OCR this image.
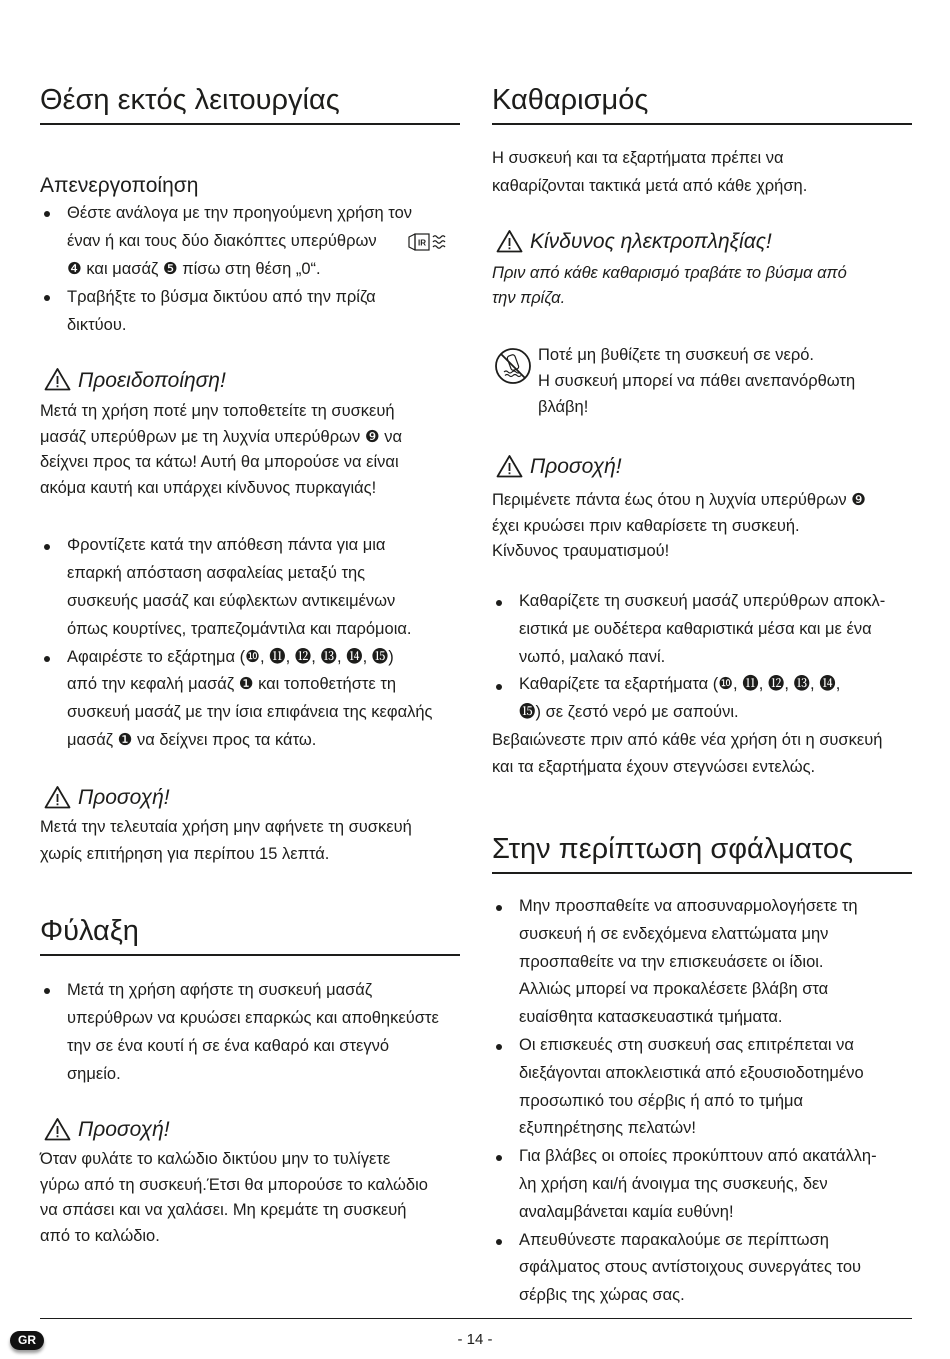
Θέση εκτός λειτουργίας
Απενεργοποίηση
Θέστε ανάλογα με την προηγούμενη χρήση τον
έναν ή και τους δύο διακόπτες υπερύθρων
❹ και μασάζ ❺ πίσω στη θέση „0“.
Τραβήξτε το βύσμα δικτύου από την πρίζα
δικτύου.
IR
Προειδοποίηση!
Μετά τη χρήση ποτέ μην τοποθετείτε τη συσκευή
μασάζ υπερύθρων με τη λυχνία υπερύθρων ❾ να
δείχνει προς τα κάτω! Αυτή θα μπορούσε να είναι
ακόμα καυτή και υπάρχει κίνδυνος πυρκαγιάς!
Φροντίζετε κατά την απόθεση πάντα για μια
επαρκή απόσταση ασφαλείας μεταξύ της
συσκευής μασάζ και εύφλεκτων αντικειμένων
όπως κουρτίνες, τραπεζομάντιλα και παρόμοια.
Αφαιρέστε το εξάρτημα (❿, ⓫, ⓬, ⓭, ⓮, ⓯)
από την κεφαλή μασάζ ❶ και τοποθετήστε τη
συσκευή μασάζ με την ίσια επιφάνεια της κεφαλής
μασάζ ❶ να δείχνει προς τα κάτω.
Προσοχή!
Μετά την τελευταία χρήση μην αφήνετε τη συσκευή
χωρίς επιτήρηση για περίπου 15 λεπτά.
Φύλαξη
Μετά τη χρήση αφήστε τη συσκευή μασάζ
υπερύθρων να κρυώσει επαρκώς και αποθηκεύστε
την σε ένα κουτί ή σε ένα καθαρό και στεγνό
σημείο.
Προσοχή!
Όταν φυλάτε το καλώδιο δικτύου μην το τυλίγετε
γύρω από τη συσκευή.Έτσι θα μπορούσε το καλώδιο
να σπάσει και να χαλάσει. Μη κρεμάτε τη συσκευή
από το καλώδιο.
Καθαρισμός
Η συσκευή και τα εξαρτήματα πρέπει να
καθαρίζονται τακτικά μετά από κάθε χρήση.
Κίνδυνος ηλεκτροπληξίας!
Πριν από κάθε καθαρισμό τραβάτε το βύσμα από
την πρίζα.
Ποτέ μη βυθίζετε τη συσκευή σε νερό.
Η συσκευή μπορεί να πάθει ανεπανόρθωτη
βλάβη!
Προσοχή!
Περιμένετε πάντα έως ότου η λυχνία υπερύθρων ❾
έχει κρυώσει πριν καθαρίσετε τη συσκευή.
Κίνδυνος τραυματισμού!
Καθαρίζετε τη συσκευή μασάζ υπερύθρων αποκλ-
ειστικά με ουδέτερα καθαριστικά μέσα και με ένα
νωπό, μαλακό πανί.
Καθαρίζετε τα εξαρτήματα (❿, ⓫, ⓬, ⓭, ⓮,
⓯) σε ζεστό νερό με σαπούνι.
Βεβαιώνεστε πριν από κάθε νέα χρήση ότι η συσκευή
και τα εξαρτήματα έχουν στεγνώσει εντελώς.
Στην περίπτωση σφάλματος
Μην προσπαθείτε να αποσυναρμολογήσετε τη
συσκευή ή σε ενδεχόμενα ελαττώματα μην
προσπαθείτε να την επισκευάσετε οι ίδιοι.
Αλλιώς μπορεί να προκαλέσετε βλάβη στα
ευαίσθητα κατασκευαστικά τμήματα.
Οι επισκευές στη συσκευή σας επιτρέπεται να
διεξάγονται αποκλειστικά από εξουσιοδοτημένο
προσωπικό του σέρβις ή από το τμήμα
εξυπηρέτησης πελατών!
Για βλάβες οι οποίες προκύπτουν από ακατάλλη-
λη χρήση και/ή άνοιγμα της συσκευής, δεν
αναλαμβάνεται καμία ευθύνη!
Απευθύνεστε παρακαλούμε σε περίπτωση
σφάλματος στους αντίστοιχους συνεργάτες του
σέρβις της χώρας σας.
GR	- 14 -
